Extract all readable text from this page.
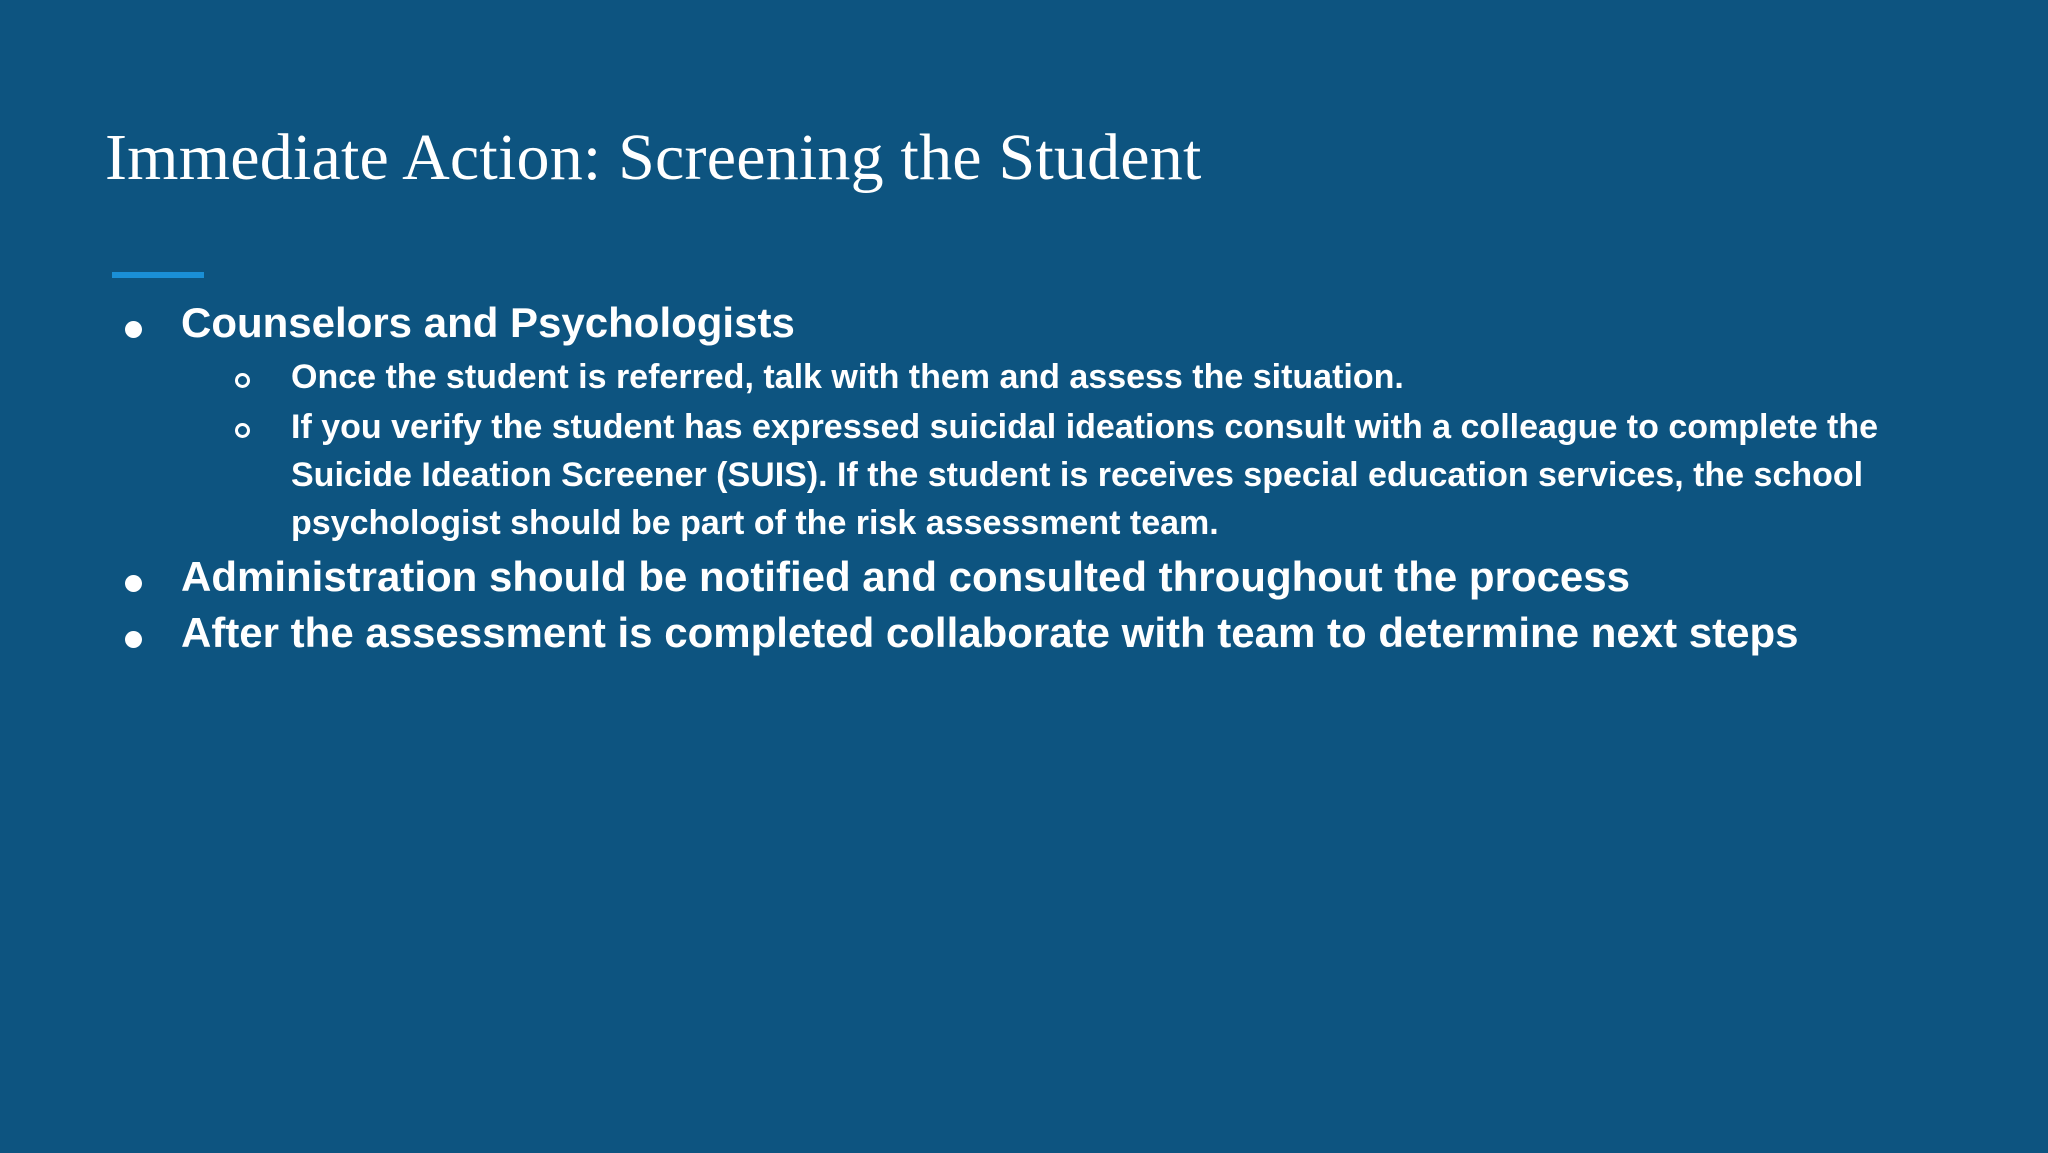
Immediate Action: Screening the Student
Counselors and Psychologists
Once the student is referred, talk with them and assess the situation.
If you verify the student has expressed suicidal ideations consult with a colleague to complete the Suicide Ideation Screener (SUIS). If the student is receives special education services, the school psychologist should be part of the risk assessment team.
Administration should be notified and consulted throughout the process
After the assessment is completed collaborate with team to determine next steps
